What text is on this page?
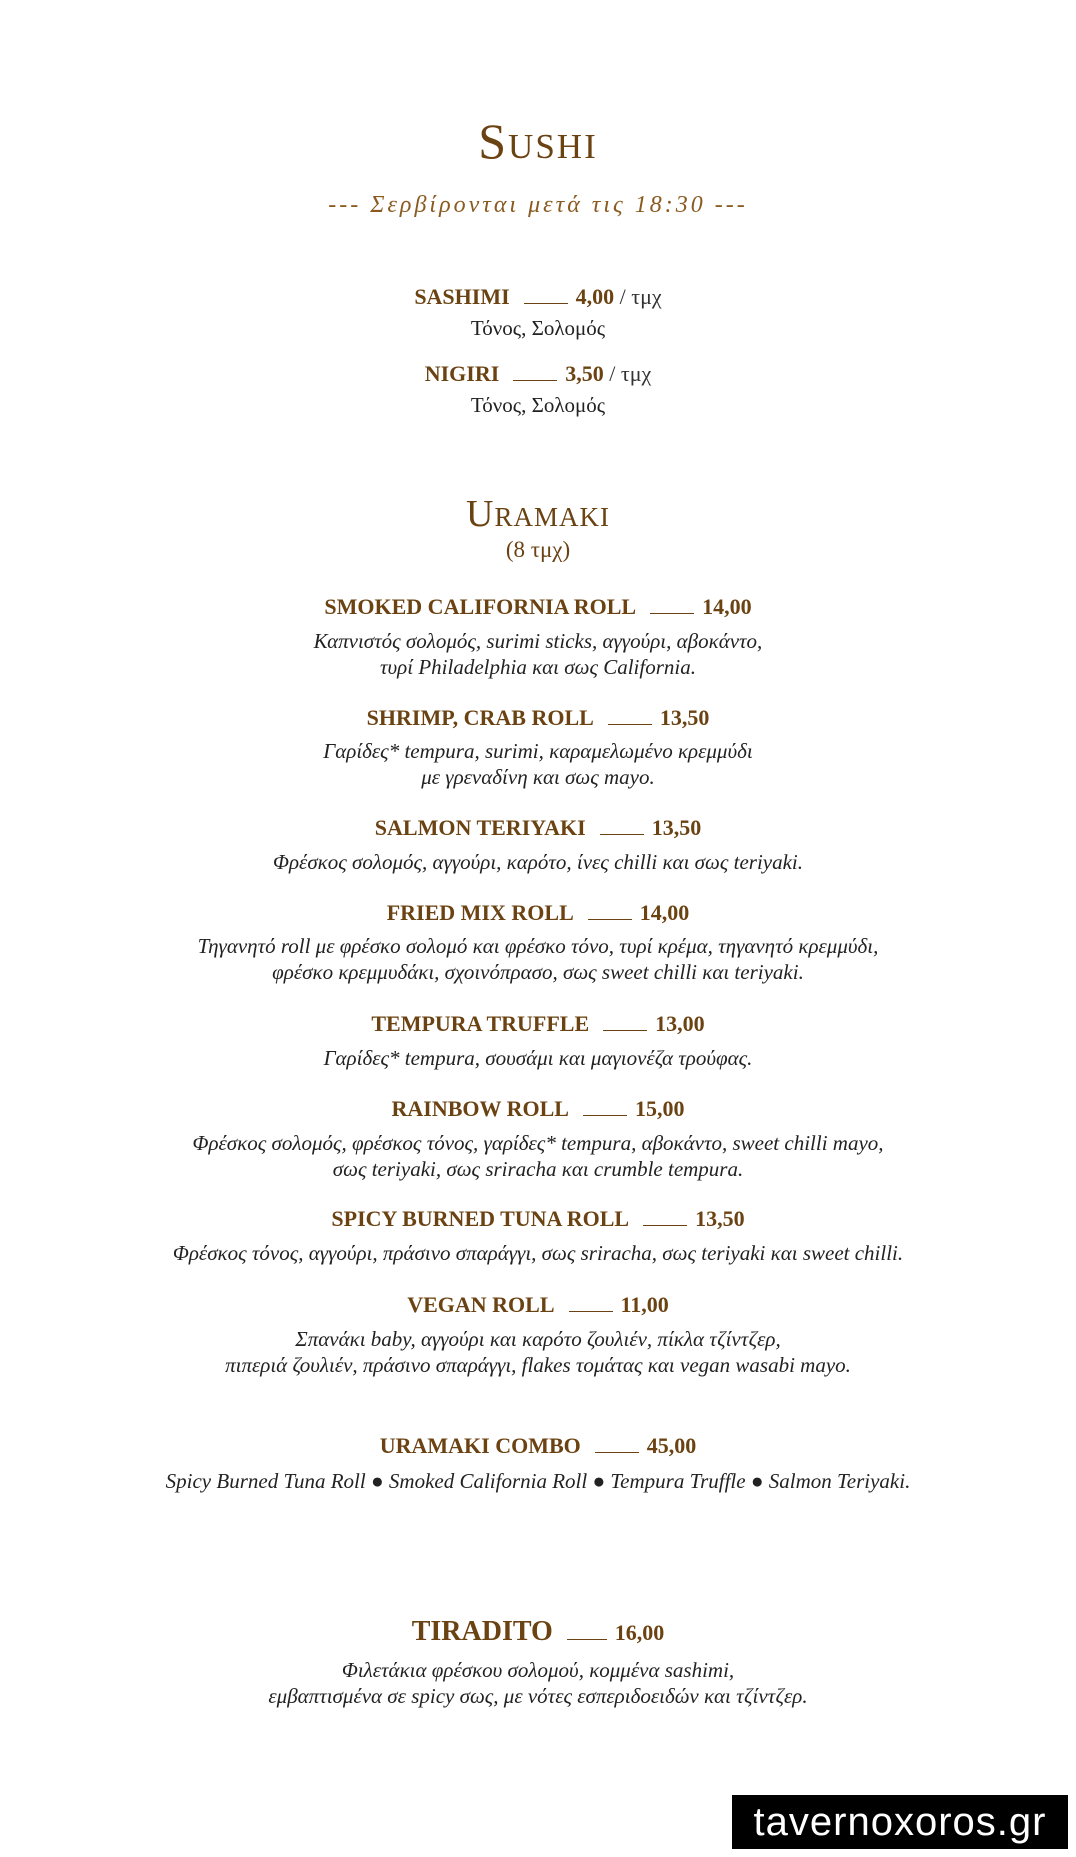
Sushi
--- Σερβίρονται μετά τις 18:30 ---
SASHIMI	4,00 / τμχ
Τόνος, Σολομός
NIGIRI	3,50 / τμχ
Τόνος, Σολομός
Uramaki
(8 τμχ)
SMOKED CALIFORNIA ROLL	14,00
Καπνιστός σολομός, surimi sticks, αγγούρι, αβοκάντο,
τυρί Philadelphia και σως California.
SHRIMP, CRAB ROLL	13,50
Γαρίδες* tempura, surimi, καραμελωμένο κρεμμύδι
με γρεναδίνη και σως mayo.
SALMON TERIYAKI	13,50
Φρέσκος σολομός, αγγούρι, καρότο, ίνες chilli και σως teriyaki.
FRIED MIX ROLL	14,00
Τηγανητό roll με φρέσκο σολομό και φρέσκο τόνο, τυρί κρέμα, τηγανητό κρεμμύδι,
φρέσκο κρεμμυδάκι, σχοινόπρασο, σως sweet chilli και teriyaki.
TEMPURA TRUFFLE	13,00
Γαρίδες* tempura, σουσάμι και μαγιονέζα τρούφας.
RAINBOW ROLL	15,00
Φρέσκος σολομός, φρέσκος τόνος, γαρίδες* tempura, αβοκάντο, sweet chilli mayo,
σως teriyaki, σως sriracha και crumble tempura.
SPICY BURNED TUNA ROLL	13,50
Φρέσκος τόνος, αγγούρι, πράσινο σπαράγγι, σως sriracha, σως teriyaki και sweet chilli.
VEGAN ROLL	11,00
Σπανάκι baby, αγγούρι και καρότο ζουλιέν, πίκλα τζίντζερ,
πιπεριά ζουλιέν, πράσινο σπαράγγι, flakes τομάτας και vegan wasabi mayo.
URAMAKI COMBO	45,00
Spicy Burned Tuna Roll ● Smoked California Roll ● Tempura Truffle ● Salmon Teriyaki.
TIRADITO	16,00
Φιλετάκια φρέσκου σολομού, κομμένα sashimi,
εμβαπτισμένα σε spicy σως, με νότες εσπεριδοειδών και τζίντζερ.
tavernoxoros.gr
